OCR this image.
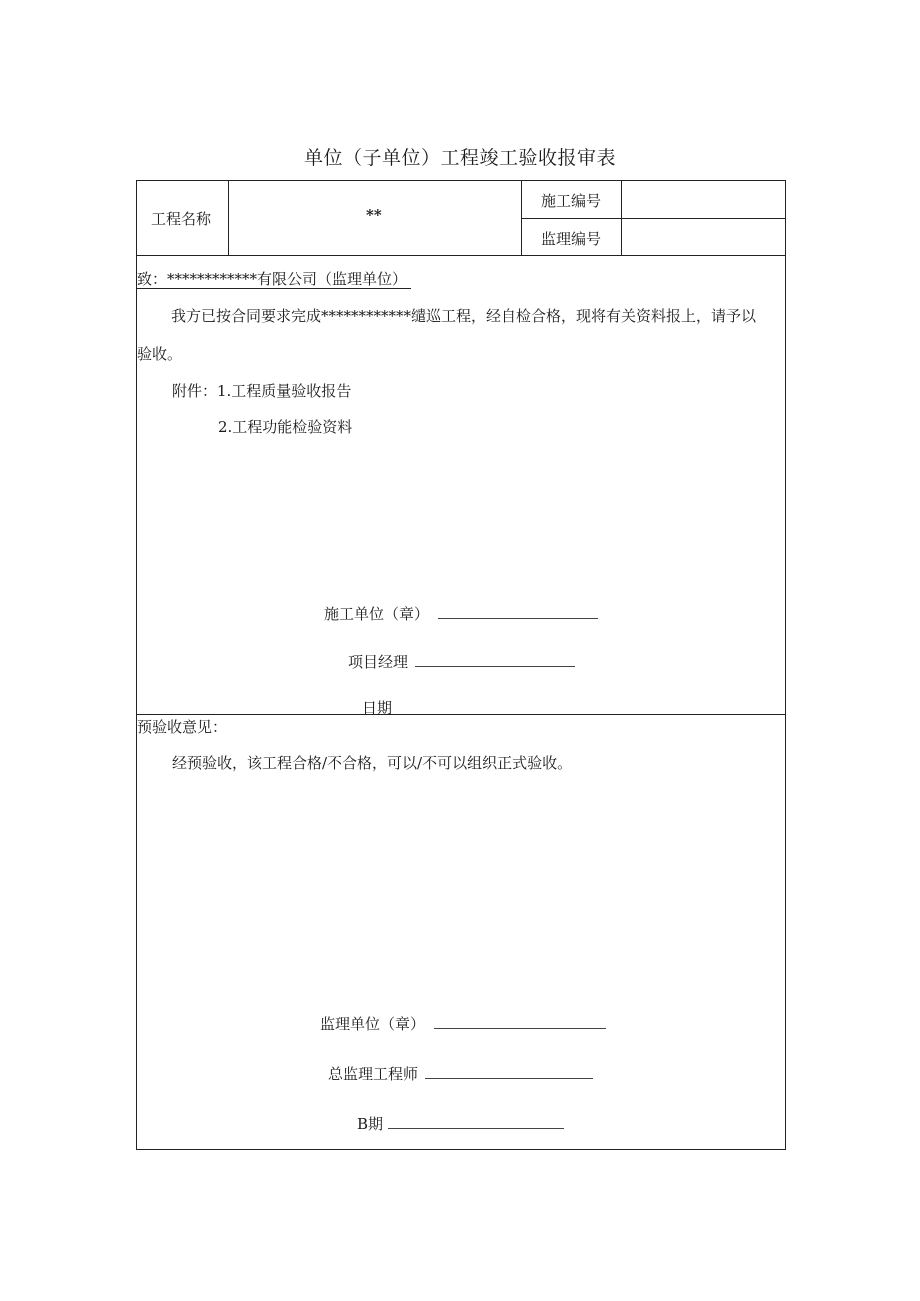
单位（子单位）工程竣工验收报审表
工程名称	**
施工编号
监理编号
致：************有限公司（监理单位）
我方已按合同要求完成************缱巡工程，经自检合格，现将有关资料报上，请予以
验收。
附件：1.工程质量验收报告
2.工程功能检验资料
施工单位（章）
项目经理
日期
预验收意见：
经预验收，该工程合格/不合格，可以/不可以组织正式验收。
监理单位（章）
总监理工程师
B期
